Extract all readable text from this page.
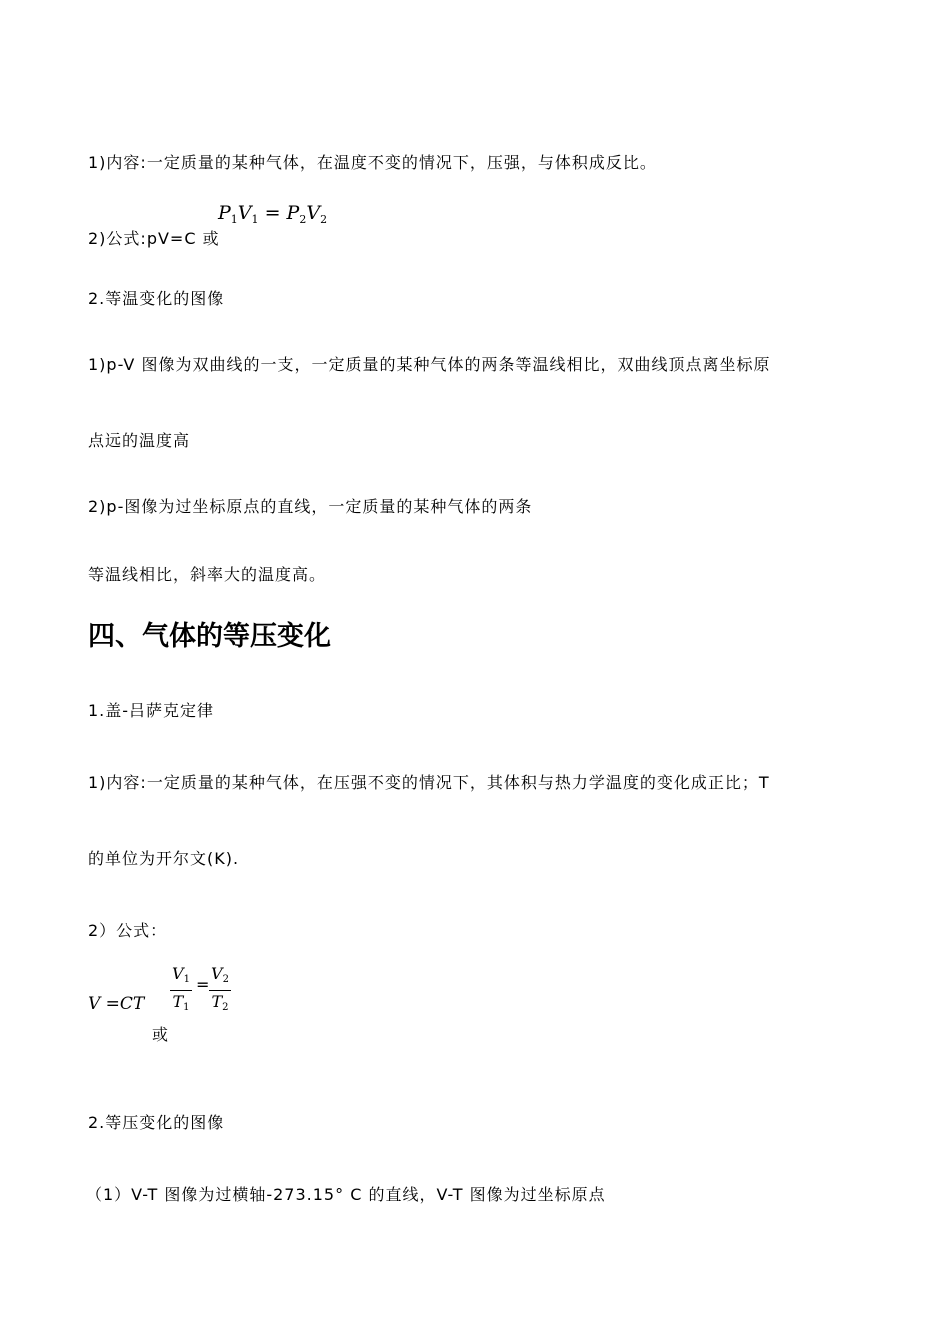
1)内容:一定质量的某种气体，在温度不变的情况下，压强，与体积成反比。
2)公式:pV=C 或
$P_1V_1 = P_2V_2$
2.等温变化的图像
1)p-V 图像为双曲线的一支，一定质量的某种气体的两条等温线相比，双曲线顶点离坐标原
点远的温度高
2)p-图像为过坐标原点的直线，一定质量的某种气体的两条
等温线相比，斜率大的温度高。
四、气体的等压变化
1.盖-吕萨克定律
1)内容:一定质量的某种气体，在压强不变的情况下，其体积与热力学温度的变化成正比；T
的单位为开尔文(K).
2）公式：
$V =CT \frac{V_1}{T_1} = \frac{V_2}{T_2}$
或
2.等压变化的图像
（1）V-T 图像为过横轴-273.15° C 的直线，V-T 图像为过坐标原点
